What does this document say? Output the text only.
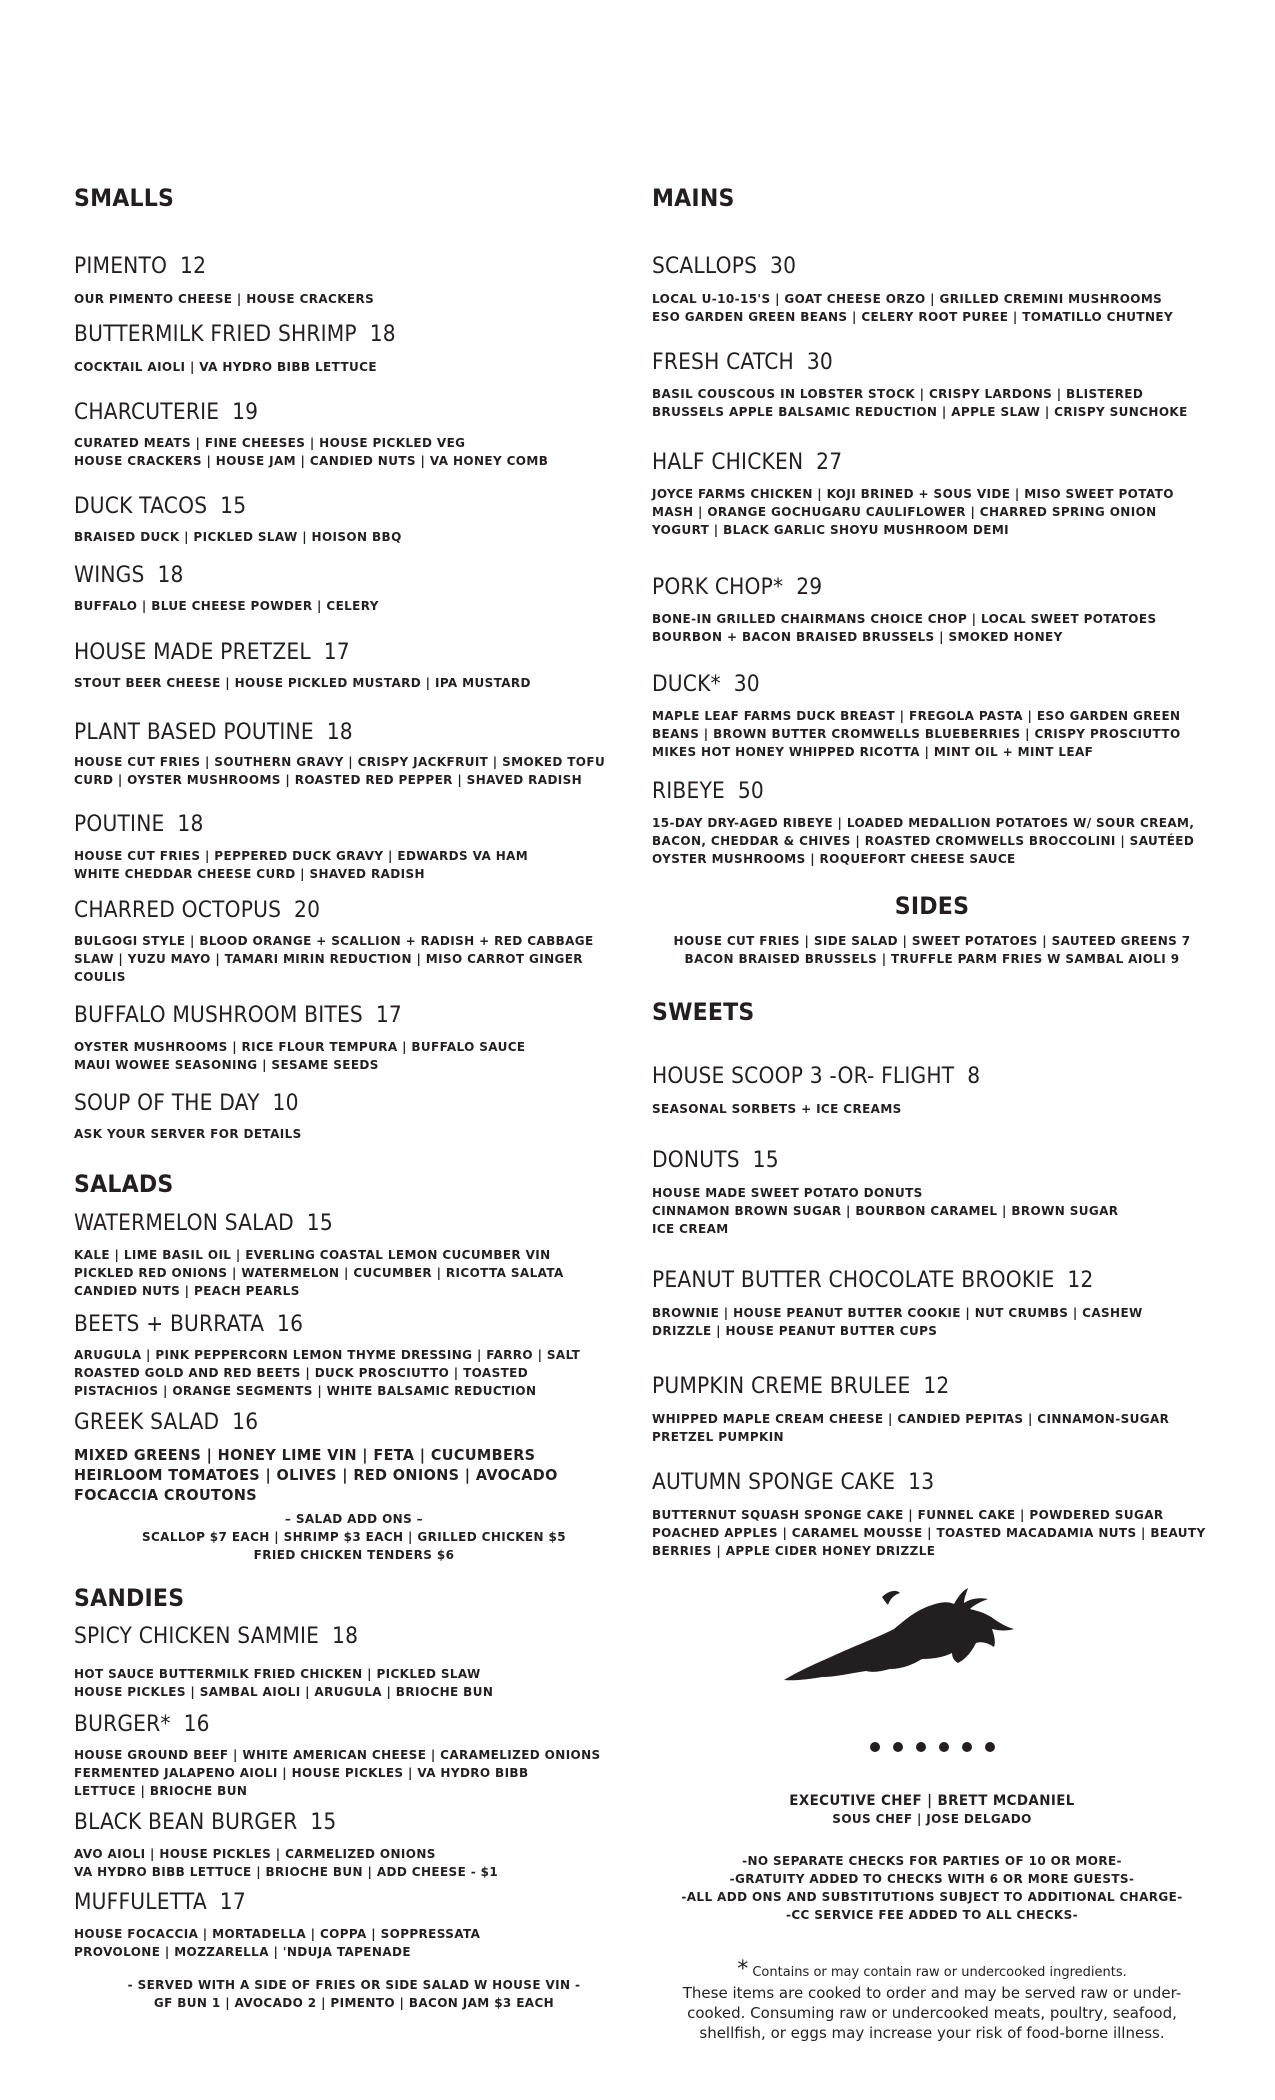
SMALLS
PIMENTO 12
OUR PIMENTO CHEESE | HOUSE CRACKERS
BUTTERMILK FRIED SHRIMP 18
COCKTAIL AIOLI | VA HYDRO BIBB LETTUCE
CHARCUTERIE 19
CURATED MEATS | FINE CHEESES | HOUSE PICKLED VEG
HOUSE CRACKERS | HOUSE JAM | CANDIED NUTS | VA HONEY COMB
DUCK TACOS 15
BRAISED DUCK | PICKLED SLAW | HOISON BBQ
WINGS 18
BUFFALO | BLUE CHEESE POWDER | CELERY
HOUSE MADE PRETZEL 17
STOUT BEER CHEESE | HOUSE PICKLED MUSTARD | IPA MUSTARD
PLANT BASED POUTINE 18
HOUSE CUT FRIES | SOUTHERN GRAVY | CRISPY JACKFRUIT | SMOKED TOFU
CURD | OYSTER MUSHROOMS | ROASTED RED PEPPER | SHAVED RADISH
POUTINE 18
HOUSE CUT FRIES | PEPPERED DUCK GRAVY | EDWARDS VA HAM
WHITE CHEDDAR CHEESE CURD | SHAVED RADISH
CHARRED OCTOPUS 20
BULGOGI STYLE | BLOOD ORANGE + SCALLION + RADISH + RED CABBAGE
SLAW | YUZU MAYO | TAMARI MIRIN REDUCTION | MISO CARROT GINGER
COULIS
BUFFALO MUSHROOM BITES 17
OYSTER MUSHROOMS | RICE FLOUR TEMPURA | BUFFALO SAUCE
MAUI WOWEE SEASONING | SESAME SEEDS
SOUP OF THE DAY 10
ASK YOUR SERVER FOR DETAILS
SALADS
WATERMELON SALAD 15
KALE | LIME BASIL OIL | EVERLING COASTAL LEMON CUCUMBER VIN
PICKLED RED ONIONS | WATERMELON | CUCUMBER | RICOTTA SALATA
CANDIED NUTS | PEACH PEARLS
BEETS + BURRATA 16
ARUGULA | PINK PEPPERCORN LEMON THYME DRESSING | FARRO | SALT
ROASTED GOLD AND RED BEETS | DUCK PROSCIUTTO | TOASTED
PISTACHIOS | ORANGE SEGMENTS | WHITE BALSAMIC REDUCTION
GREEK SALAD 16
MIXED GREENS | HONEY LIME VIN | FETA | CUCUMBERS
HEIRLOOM TOMATOES | OLIVES | RED ONIONS | AVOCADO
FOCACCIA CROUTONS
– SALAD ADD ONS –
SCALLOP $7 EACH | SHRIMP $3 EACH | GRILLED CHICKEN $5
FRIED CHICKEN TENDERS $6
SANDIES
SPICY CHICKEN SAMMIE 18
HOT SAUCE BUTTERMILK FRIED CHICKEN | PICKLED SLAW
HOUSE PICKLES | SAMBAL AIOLI | ARUGULA | BRIOCHE BUN
BURGER* 16
HOUSE GROUND BEEF | WHITE AMERICAN CHEESE | CARAMELIZED ONIONS
FERMENTED JALAPENO AIOLI | HOUSE PICKLES | VA HYDRO BIBB
LETTUCE | BRIOCHE BUN
BLACK BEAN BURGER 15
AVO AIOLI | HOUSE PICKLES | CARMELIZED ONIONS
VA HYDRO BIBB LETTUCE | BRIOCHE BUN | ADD CHEESE - $1
MUFFULETTA 17
HOUSE FOCACCIA | MORTADELLA | COPPA | SOPPRESSATA
PROVOLONE | MOZZARELLA | 'NDUJA TAPENADE
- SERVED WITH A SIDE OF FRIES OR SIDE SALAD W HOUSE VIN -
GF BUN 1 | AVOCADO 2 | PIMENTO | BACON JAM $3 EACH
MAINS
SCALLOPS 30
LOCAL U-10-15'S | GOAT CHEESE ORZO | GRILLED CREMINI MUSHROOMS
ESO GARDEN GREEN BEANS | CELERY ROOT PUREE | TOMATILLO CHUTNEY
FRESH CATCH 30
BASIL COUSCOUS IN LOBSTER STOCK | CRISPY LARDONS | BLISTERED
BRUSSELS APPLE BALSAMIC REDUCTION | APPLE SLAW | CRISPY SUNCHOKE
HALF CHICKEN 27
JOYCE FARMS CHICKEN | KOJI BRINED + SOUS VIDE | MISO SWEET POTATO
MASH | ORANGE GOCHUGARU CAULIFLOWER | CHARRED SPRING ONION
YOGURT | BLACK GARLIC SHOYU MUSHROOM DEMI
PORK CHOP* 29
BONE-IN GRILLED CHAIRMANS CHOICE CHOP | LOCAL SWEET POTATOES
BOURBON + BACON BRAISED BRUSSELS | SMOKED HONEY
DUCK* 30
MAPLE LEAF FARMS DUCK BREAST | FREGOLA PASTA | ESO GARDEN GREEN
BEANS | BROWN BUTTER CROMWELLS BLUEBERRIES | CRISPY PROSCIUTTO
MIKES HOT HONEY WHIPPED RICOTTA | MINT OIL + MINT LEAF
RIBEYE 50
15-DAY DRY-AGED RIBEYE | LOADED MEDALLION POTATOES W/ SOUR CREAM,
BACON, CHEDDAR & CHIVES | ROASTED CROMWELLS BROCCOLINI | SAUTÉED
OYSTER MUSHROOMS | ROQUEFORT CHEESE SAUCE
SIDES
HOUSE CUT FRIES | SIDE SALAD | SWEET POTATOES | SAUTEED GREENS 7
BACON BRAISED BRUSSELS | TRUFFLE PARM FRIES W SAMBAL AIOLI 9
SWEETS
HOUSE SCOOP 3 -OR- FLIGHT 8
SEASONAL SORBETS + ICE CREAMS
DONUTS 15
HOUSE MADE SWEET POTATO DONUTS
CINNAMON BROWN SUGAR | BOURBON CARAMEL | BROWN SUGAR
ICE CREAM
PEANUT BUTTER CHOCOLATE BROOKIE 12
BROWNIE | HOUSE PEANUT BUTTER COOKIE | NUT CRUMBS | CASHEW
DRIZZLE | HOUSE PEANUT BUTTER CUPS
PUMPKIN CREME BRULEE 12
WHIPPED MAPLE CREAM CHEESE | CANDIED PEPITAS | CINNAMON-SUGAR
PRETZEL PUMPKIN
AUTUMN SPONGE CAKE 13
BUTTERNUT SQUASH SPONGE CAKE | FUNNEL CAKE | POWDERED SUGAR
POACHED APPLES | CARAMEL MOUSSE | TOASTED MACADAMIA NUTS | BEAUTY
BERRIES | APPLE CIDER HONEY DRIZZLE
EXECUTIVE CHEF | BRETT MCDANIEL
SOUS CHEF | JOSE DELGADO
-NO SEPARATE CHECKS FOR PARTIES OF 10 OR MORE-
-GRATUITY ADDED TO CHECKS WITH 6 OR MORE GUESTS-
-ALL ADD ONS AND SUBSTITUTIONS SUBJECT TO ADDITIONAL CHARGE-
-CC SERVICE FEE ADDED TO ALL CHECKS-
* Contains or may contain raw or undercooked ingredients.
These items are cooked to order and may be served raw or under-
cooked. Consuming raw or undercooked meats, poultry, seafood,
shellfish, or eggs may increase your risk of food-borne illness.
